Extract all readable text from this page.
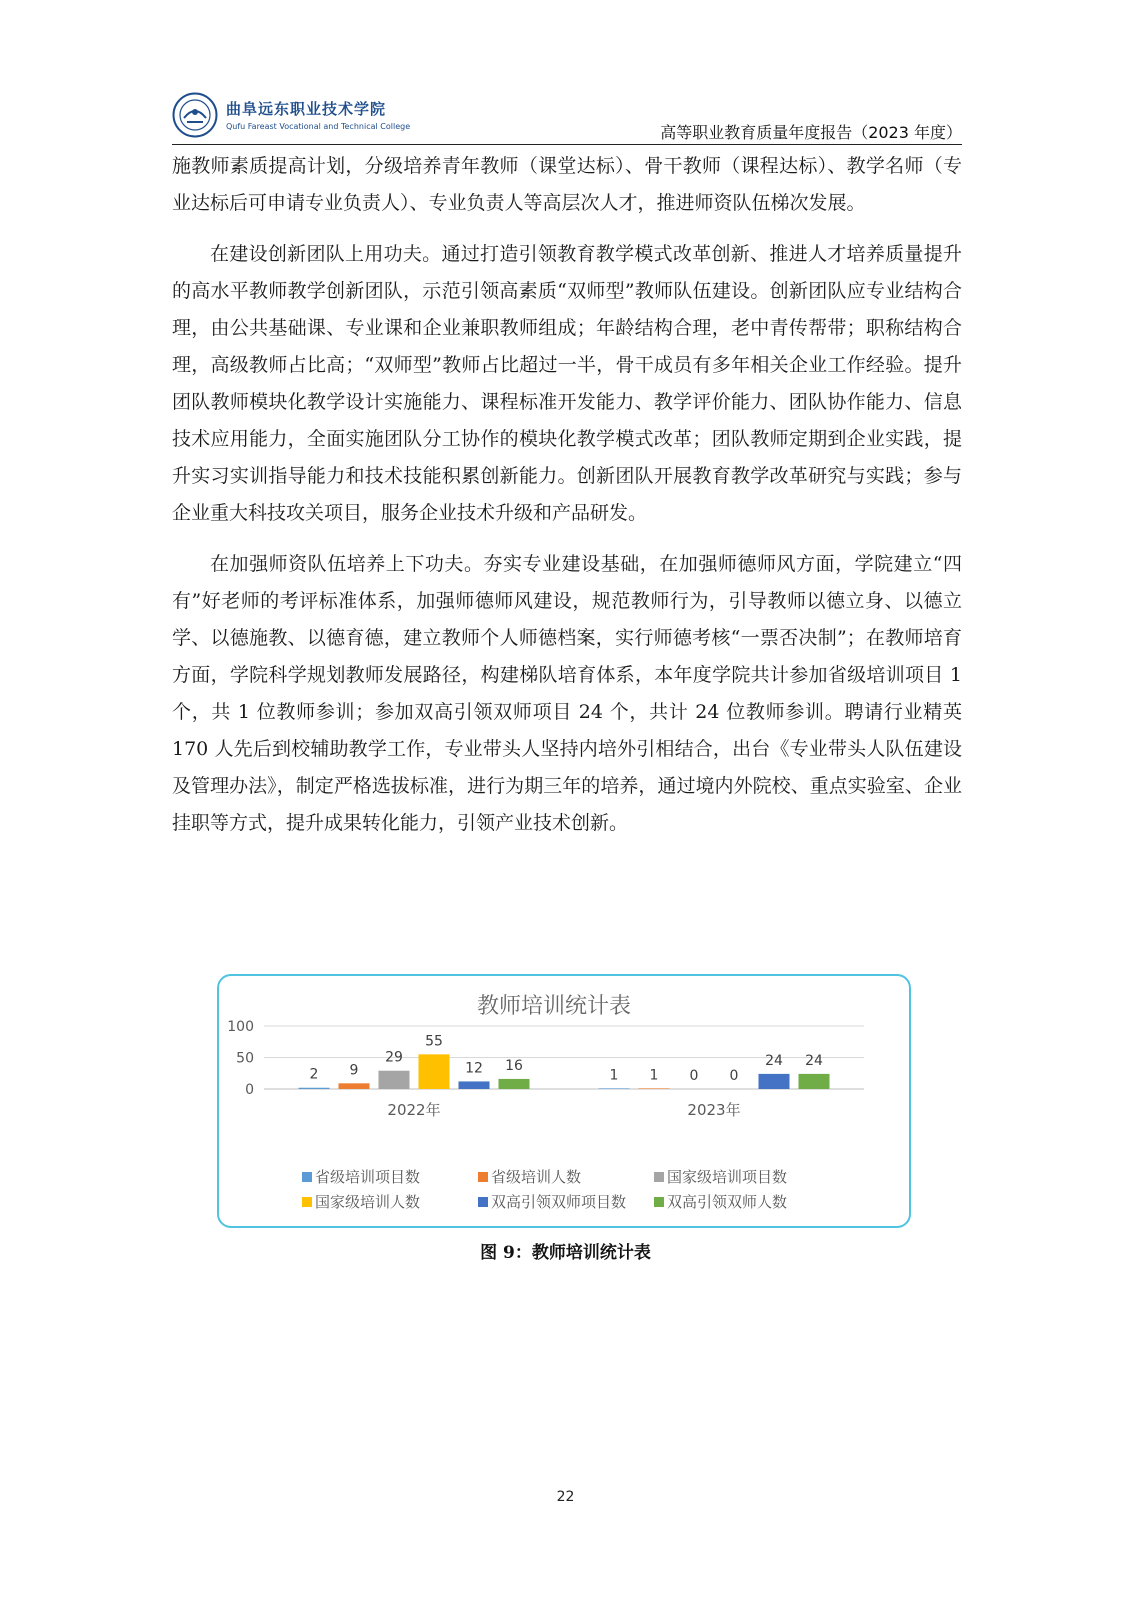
曲阜远东职业技术学院
Qufu Fareast Vocational and Technical College	高等职业教育质量年度报告（2023 年度）

施教师素质提高计划，分级培养青年教师（课堂达标）、骨干教师（课程达标）、教学名师（专业达标后可申请专业负责人）、专业负责人等高层次人才，推进师资队伍梯次发展。

在建设创新团队上用功夫。通过打造引领教育教学模式改革创新、推进人才培养质量提升的高水平教师教学创新团队，示范引领高素质“双师型”教师队伍建设。创新团队应专业结构合理，由公共基础课、专业课和企业兼职教师组成；年龄结构合理，老中青传帮带；职称结构合理，高级教师占比高；“双师型”教师占比超过一半，骨干成员有多年相关企业工作经验。提升团队教师模块化教学设计实施能力、课程标准开发能力、教学评价能力、团队协作能力、信息技术应用能力，全面实施团队分工协作的模块化教学模式改革；团队教师定期到企业实践，提升实习实训指导能力和技术技能积累创新能力。创新团队开展教育教学改革研究与实践；参与企业重大科技攻关项目，服务企业技术升级和产品研发。

在加强师资队伍培养上下功夫。夯实专业建设基础，在加强师德师风方面，学院建立“四有”好老师的考评标准体系，加强师德师风建设，规范教师行为，引导教师以德立身、以德立学、以德施教、以德育德，建立教师个人师德档案，实行师德考核“一票否决制”；在教师培育方面，学院科学规划教师发展路径，构建梯队培育体系，本年度学院共计参加省级培训项目 1 个，共 1 位教师参训；参加双高引领双师项目 24 个，共计 24 位教师参训。聘请行业精英 170 人先后到校辅助教学工作，专业带头人坚持内培外引相结合，出台《专业带头人队伍建设及管理办法》，制定严格选拔标准，进行为期三年的培养，通过境内外院校、重点实验室、企业挂职等方式，提升成果转化能力，引领产业技术创新。

教师培训统计表
0
50
100
2 9
29
55
12 16
2022年
1 1 0 0
24 24
2023年
省级培训项目数	省级培训人数	国家级培训项目数国家级培训人数	双高引领双师项目数	双高引领双师人数
图 9：教师培训统计表
22
